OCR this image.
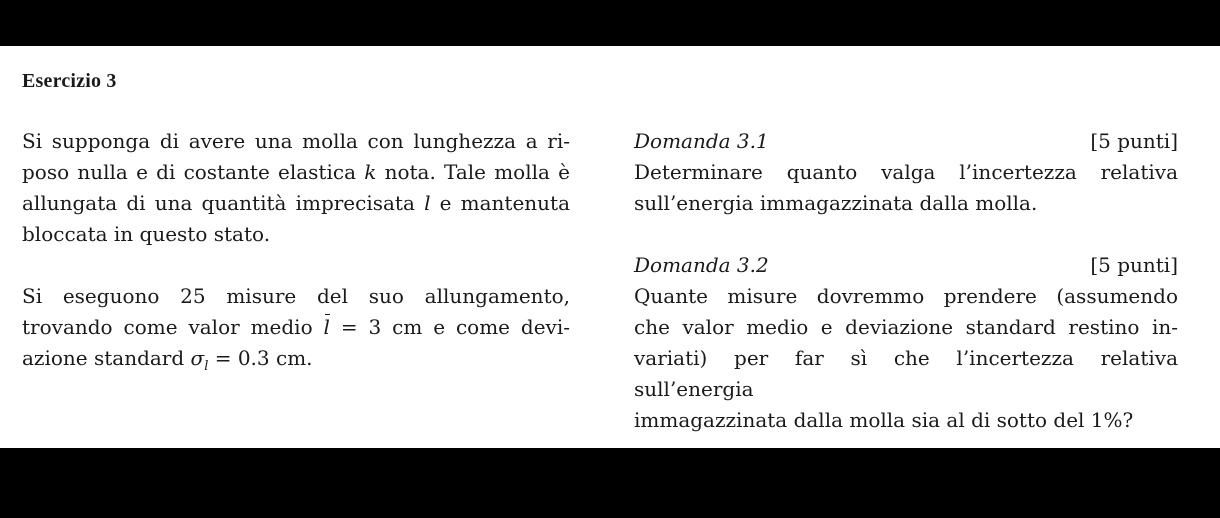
Esercizio 3

Si supponga di avere una molla con lunghezza a ri-
poso nulla e di costante elastica k nota. Tale molla è
allungata di una quantità imprecisata l e mantenuta
bloccata in questo stato.

Si eseguono 25 misure del suo allungamento,
trovando come valor medio l = 3 cm e come devi-
azione standard $\sigma_l = 0.3$ cm.

Domanda 3.1	[5 punti]
Determinare quanto valga l’incertezza relativa
sull’energia immagazzinata dalla molla.
Domanda 3.2	[5 punti]
Quante misure dovremmo prendere (assumendo
che valor medio e deviazione standard restino in-
variati) per far sì che l’incertezza relativa sull’energia
immagazzinata dalla molla sia al di sotto del 1%?
